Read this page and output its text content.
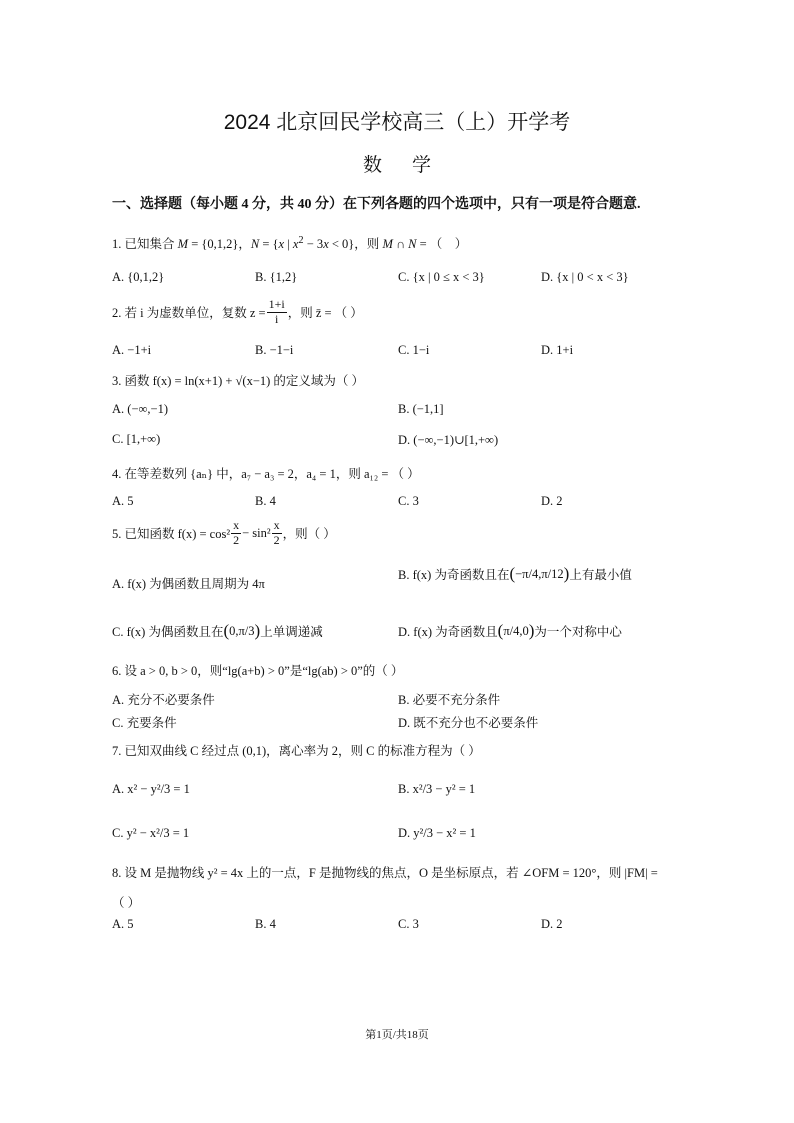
2024 北京回民学校高三（上）开学考
数学
一、选择题（每小题 4 分，共 40 分）在下列各题的四个选项中，只有一项是符合题意.
1. 已知集合 M = {0,1,2}，N = {x | $x^2 - 3x < 0$}，则 M ∩ N = （　）
A. {0,1,2}	B. {1,2}	C. {x | 0 ≤ x < 3}	D. {x | 0 < x < 3}
2. 若 i 为虚数单位，复数 $z = \frac{1+i}{i}$ ，则 z̄ = （ ）
A. −1+i	B. −1−i	C. 1−i	D. 1+i
3. 函数 f(x) = ln(x+1) + √(x−1) 的定义域为（ ）
A. (−∞,−1)	B. (−1,1]
C. [1,+∞)	D. (−∞,−1)∪[1,+∞)
4. 在等差数列 {aₙ} 中，a₇ − a₃ = 2，a₄ = 1，则 a₁₂ = （ ）
A. 5	B. 4	C. 3	D. 2
5. 已知函数 $f(x) = \cos^2 \frac{x}{2} - \sin^2 \frac{x}{2}$ ，则（ ）
A. f(x) 为偶函数且周期为 4π
B. f(x) 为奇函数且在 ( −π/4 , π/12 ) 上有最小值
C. f(x) 为偶函数且在 ( 0 , π/3 ) 上单调递减	D. f(x) 为奇函数且 ( π/4 , 0 ) 为一个对称中心
6. 设 a > 0, b > 0，则“lg(a+b) > 0”是“lg(ab) > 0”的（ ）
A. 充分不必要条件	B. 必要不充分条件
C. 充要条件	D. 既不充分也不必要条件
7. 已知双曲线 C 经过点 (0,1)，离心率为 2，则 C 的标准方程为（ ）
A. x² − y²/3 = 1	B. x²/3 − y² = 1
C. y² − x²/3 = 1	D. y²/3 − x² = 1
8. 设 M 是抛物线 y² = 4x 上的一点，F 是抛物线的焦点，O 是坐标原点，若 ∠OFM = 120°，则 |FM| =
（ ）
A. 5	B. 4	C. 3	D. 2
第1页/共18页
